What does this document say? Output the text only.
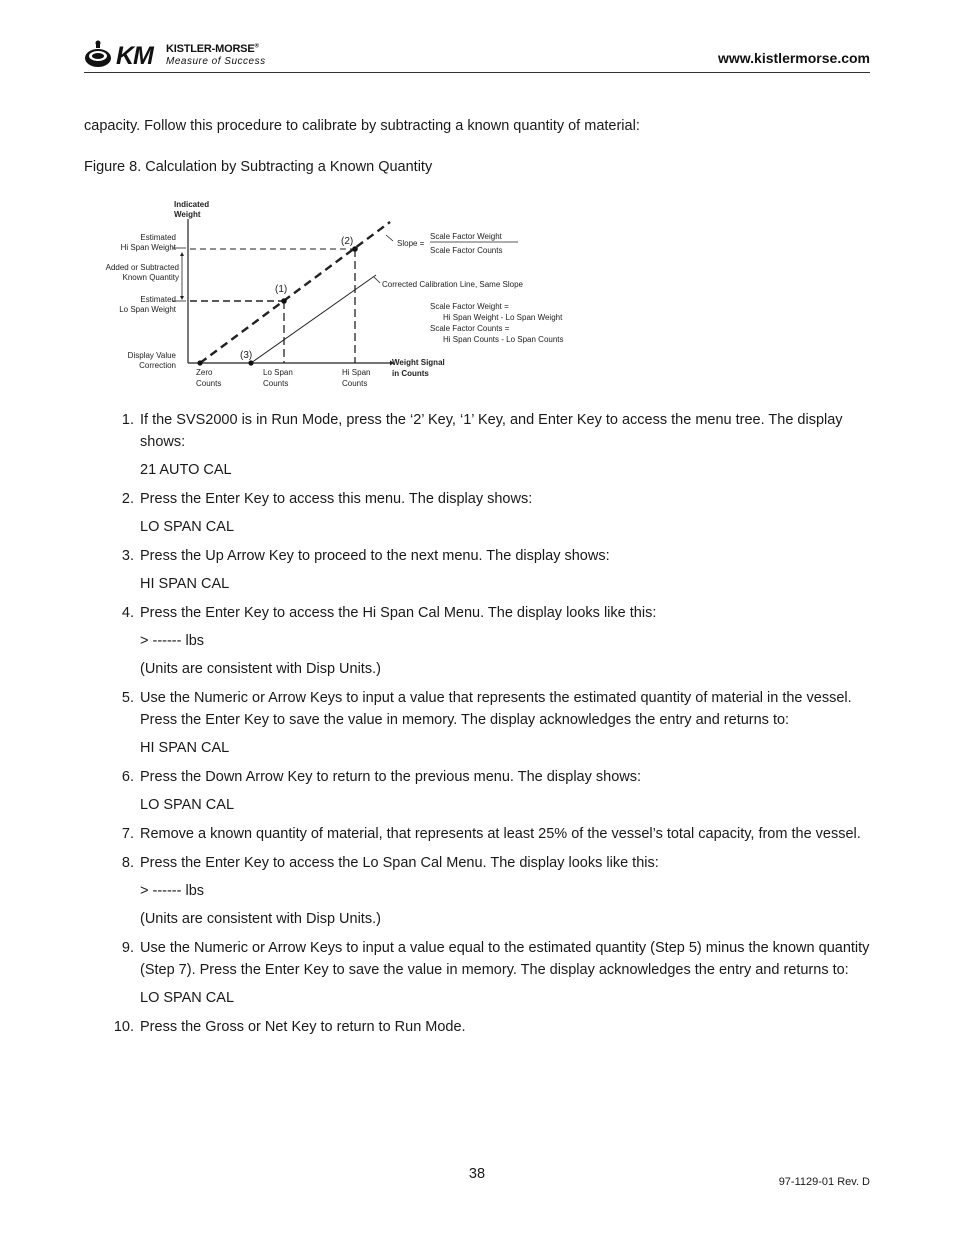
KM KISTLER-MORSE®
Measure of Success	www.kistlermorse.com
capacity. Follow this procedure to calibrate by subtracting a known quantity of material:
Figure 8. Calculation by Subtracting a Known Quantity
Indicated
Weight
Estimated
Hi Span Weight
Added or Subtracted
Known Quantity
Estimated
Lo Span Weight
Display Value
Correction
Zero
Counts
Lo Span
Counts
Hi Span
Counts
Weight Signal
in Counts
Corrected Calibration Line, Same Slope
Slope =
Scale Factor Weight
Scale Factor Counts
Scale Factor Weight =
Hi Span Weight - Lo Span Weight
Scale Factor Counts =
Hi Span Counts - Lo Span Counts
(1)
(2)
(3)
1. If the SVS2000 is in Run Mode, press the ‘2’ Key, ‘1’ Key, and Enter Key to access the menu tree. The display shows:
21 AUTO CAL
2. Press the Enter Key to access this menu. The display shows:
LO SPAN CAL
3. Press the Up Arrow Key to proceed to the next menu. The display shows:
HI SPAN CAL
4. Press the Enter Key to access the Hi Span Cal Menu. The display looks like this:
> ------ lbs
(Units are consistent with Disp Units.)
5. Use the Numeric or Arrow Keys to input a value that represents the estimated quantity of material in the vessel. Press the Enter Key to save the value in memory. The display acknowledges the entry and returns to:
HI SPAN CAL
6. Press the Down Arrow Key to return to the previous menu. The display shows:
LO SPAN CAL
7. Remove a known quantity of material, that represents at least 25% of the vessel’s total capacity, from the vessel.
8. Press the Enter Key to access the Lo Span Cal Menu. The display looks like this:
> ------ lbs
(Units are consistent with Disp Units.)
9. Use the Numeric or Arrow Keys to input a value equal to the estimated quantity (Step 5) minus the known quantity (Step 7). Press the Enter Key to save the value in memory. The display acknowledges the entry and returns to:
LO SPAN CAL
10. Press the Gross or Net Key to return to Run Mode.
38	97-1129-01 Rev. D
